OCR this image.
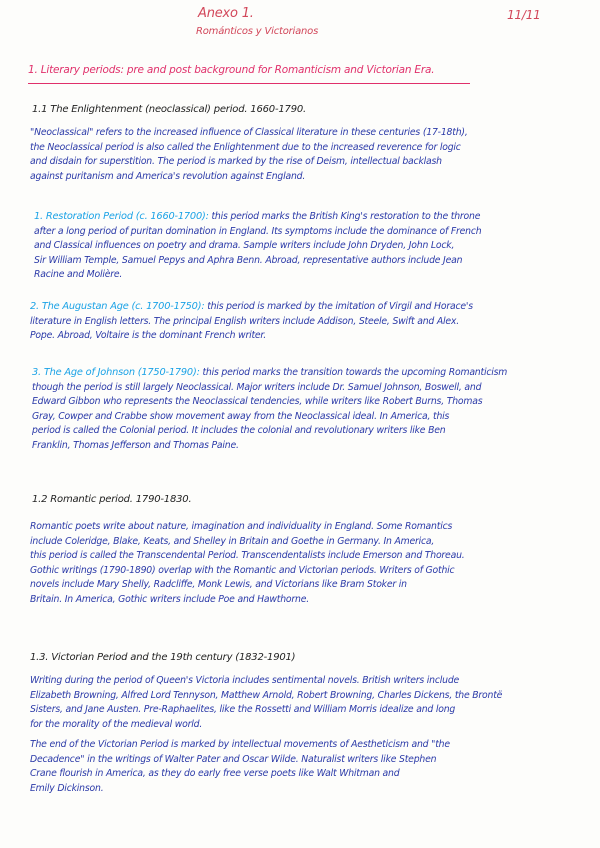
Anexo 1.
Románticos y Victorianos
11/11
1. Literary periods: pre and post background for Romanticism and Victorian Era.
1.1 The Enlightenment (neoclassical) period. 1660-1790.
"Neoclassical" refers to the increased influence of Classical literature in these centuries (17-18th),
the Neoclassical period is also called the Enlightenment due to the increased reverence for logic
and disdain for superstition. The period is marked by the rise of Deism, intellectual backlash
against puritanism and America's revolution against England.
1. Restoration Period (c. 1660-1700): this period marks the British King's restoration to the throne
after a long period of puritan domination in England. Its symptoms include the dominance of French
and Classical influences on poetry and drama. Sample writers include John Dryden, John Lock,
Sir William Temple, Samuel Pepys and Aphra Benn. Abroad, representative authors include Jean
Racine and Molière.
2. The Augustan Age (c. 1700-1750): this period is marked by the imitation of Virgil and Horace's
literature in English letters. The principal English writers include Addison, Steele, Swift and Alex.
Pope. Abroad, Voltaire is the dominant French writer.
3. The Age of Johnson (1750-1790): this period marks the transition towards the upcoming Romanticism
though the period is still largely Neoclassical. Major writers include Dr. Samuel Johnson, Boswell, and
Edward Gibbon who represents the Neoclassical tendencies, while writers like Robert Burns, Thomas
Gray, Cowper and Crabbe show movement away from the Neoclassical ideal. In America, this
period is called the Colonial period. It includes the colonial and revolutionary writers like Ben
Franklin, Thomas Jefferson and Thomas Paine.
1.2 Romantic period. 1790-1830.
Romantic poets write about nature, imagination and individuality in England. Some Romantics
include Coleridge, Blake, Keats, and Shelley in Britain and Goethe in Germany. In America,
this period is called the Transcendental Period. Transcendentalists include Emerson and Thoreau.
Gothic writings (1790-1890) overlap with the Romantic and Victorian periods. Writers of Gothic
novels include Mary Shelly, Radcliffe, Monk Lewis, and Victorians like Bram Stoker in
Britain. In America, Gothic writers include Poe and Hawthorne.
1.3. Victorian Period and the 19th century (1832-1901)
Writing during the period of Queen's Victoria includes sentimental novels. British writers include
Elizabeth Browning, Alfred Lord Tennyson, Matthew Arnold, Robert Browning, Charles Dickens, the Brontë
Sisters, and Jane Austen. Pre-Raphaelites, like the Rossetti and William Morris idealize and long
for the morality of the medieval world.
The end of the Victorian Period is marked by intellectual movements of Aestheticism and "the
Decadence" in the writings of Walter Pater and Oscar Wilde. Naturalist writers like Stephen
Crane flourish in America, as they do early free verse poets like Walt Whitman and
Emily Dickinson.
